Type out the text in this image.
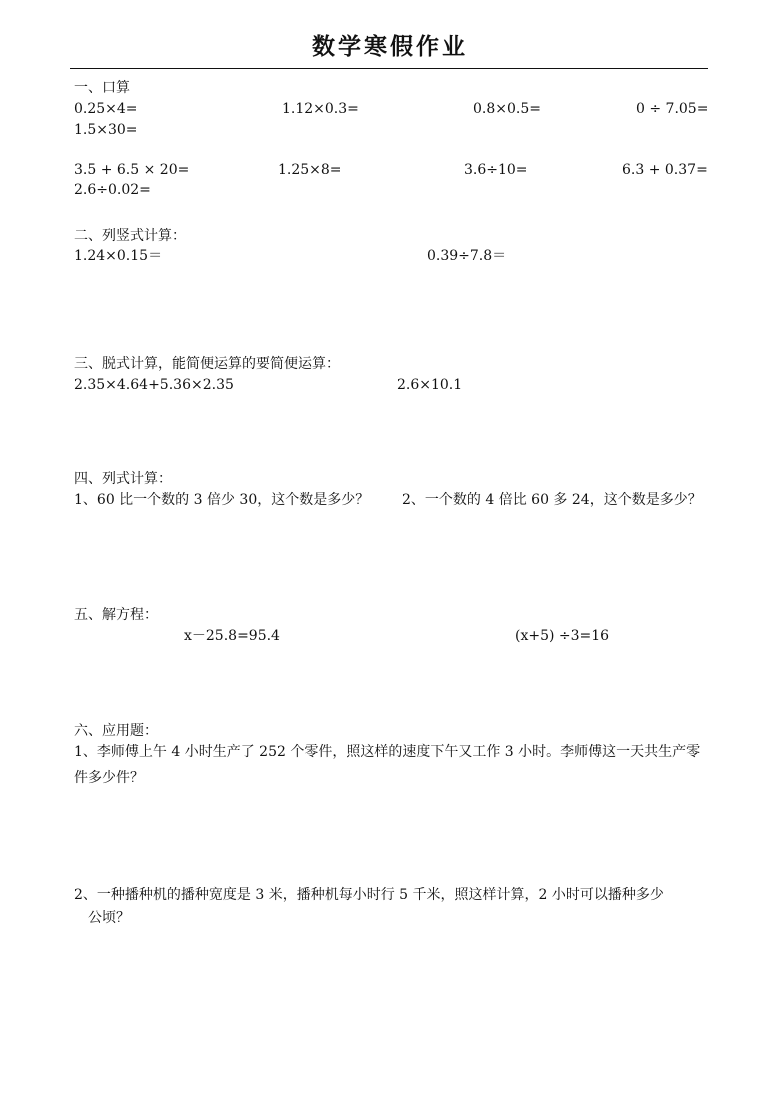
数学寒假作业
一、口算
0.25×4=	1.12×0.3=	0.8×0.5=	0 ÷ 7.05=
1.5×30=
3.5 + 6.5 × 20=	1.25×8=	3.6÷10=	6.3 + 0.37=
2.6÷0.02=
二、列竖式计算：
1.24×0.15＝	0.39÷7.8＝
三、脱式计算，能简便运算的要简便运算：
2.35×4.64+5.36×2.35	2.6×10.1
四、列式计算：
1、60 比一个数的 3 倍少 30，这个数是多少？ 2、一个数的 4 倍比 60 多 24，这个数是多少？
五、解方程：
x－25.8=95.4	(x+5) ÷3=16
六、应用题：
1、李师傅上午 4 小时生产了 252 个零件，照这样的速度下午又工作 3 小时。李师傅这一天共生产零件多少件？
2、一种播种机的播种宽度是 3 米，播种机每小时行 5 千米，照这样计算，2 小时可以播种多少
公顷？
